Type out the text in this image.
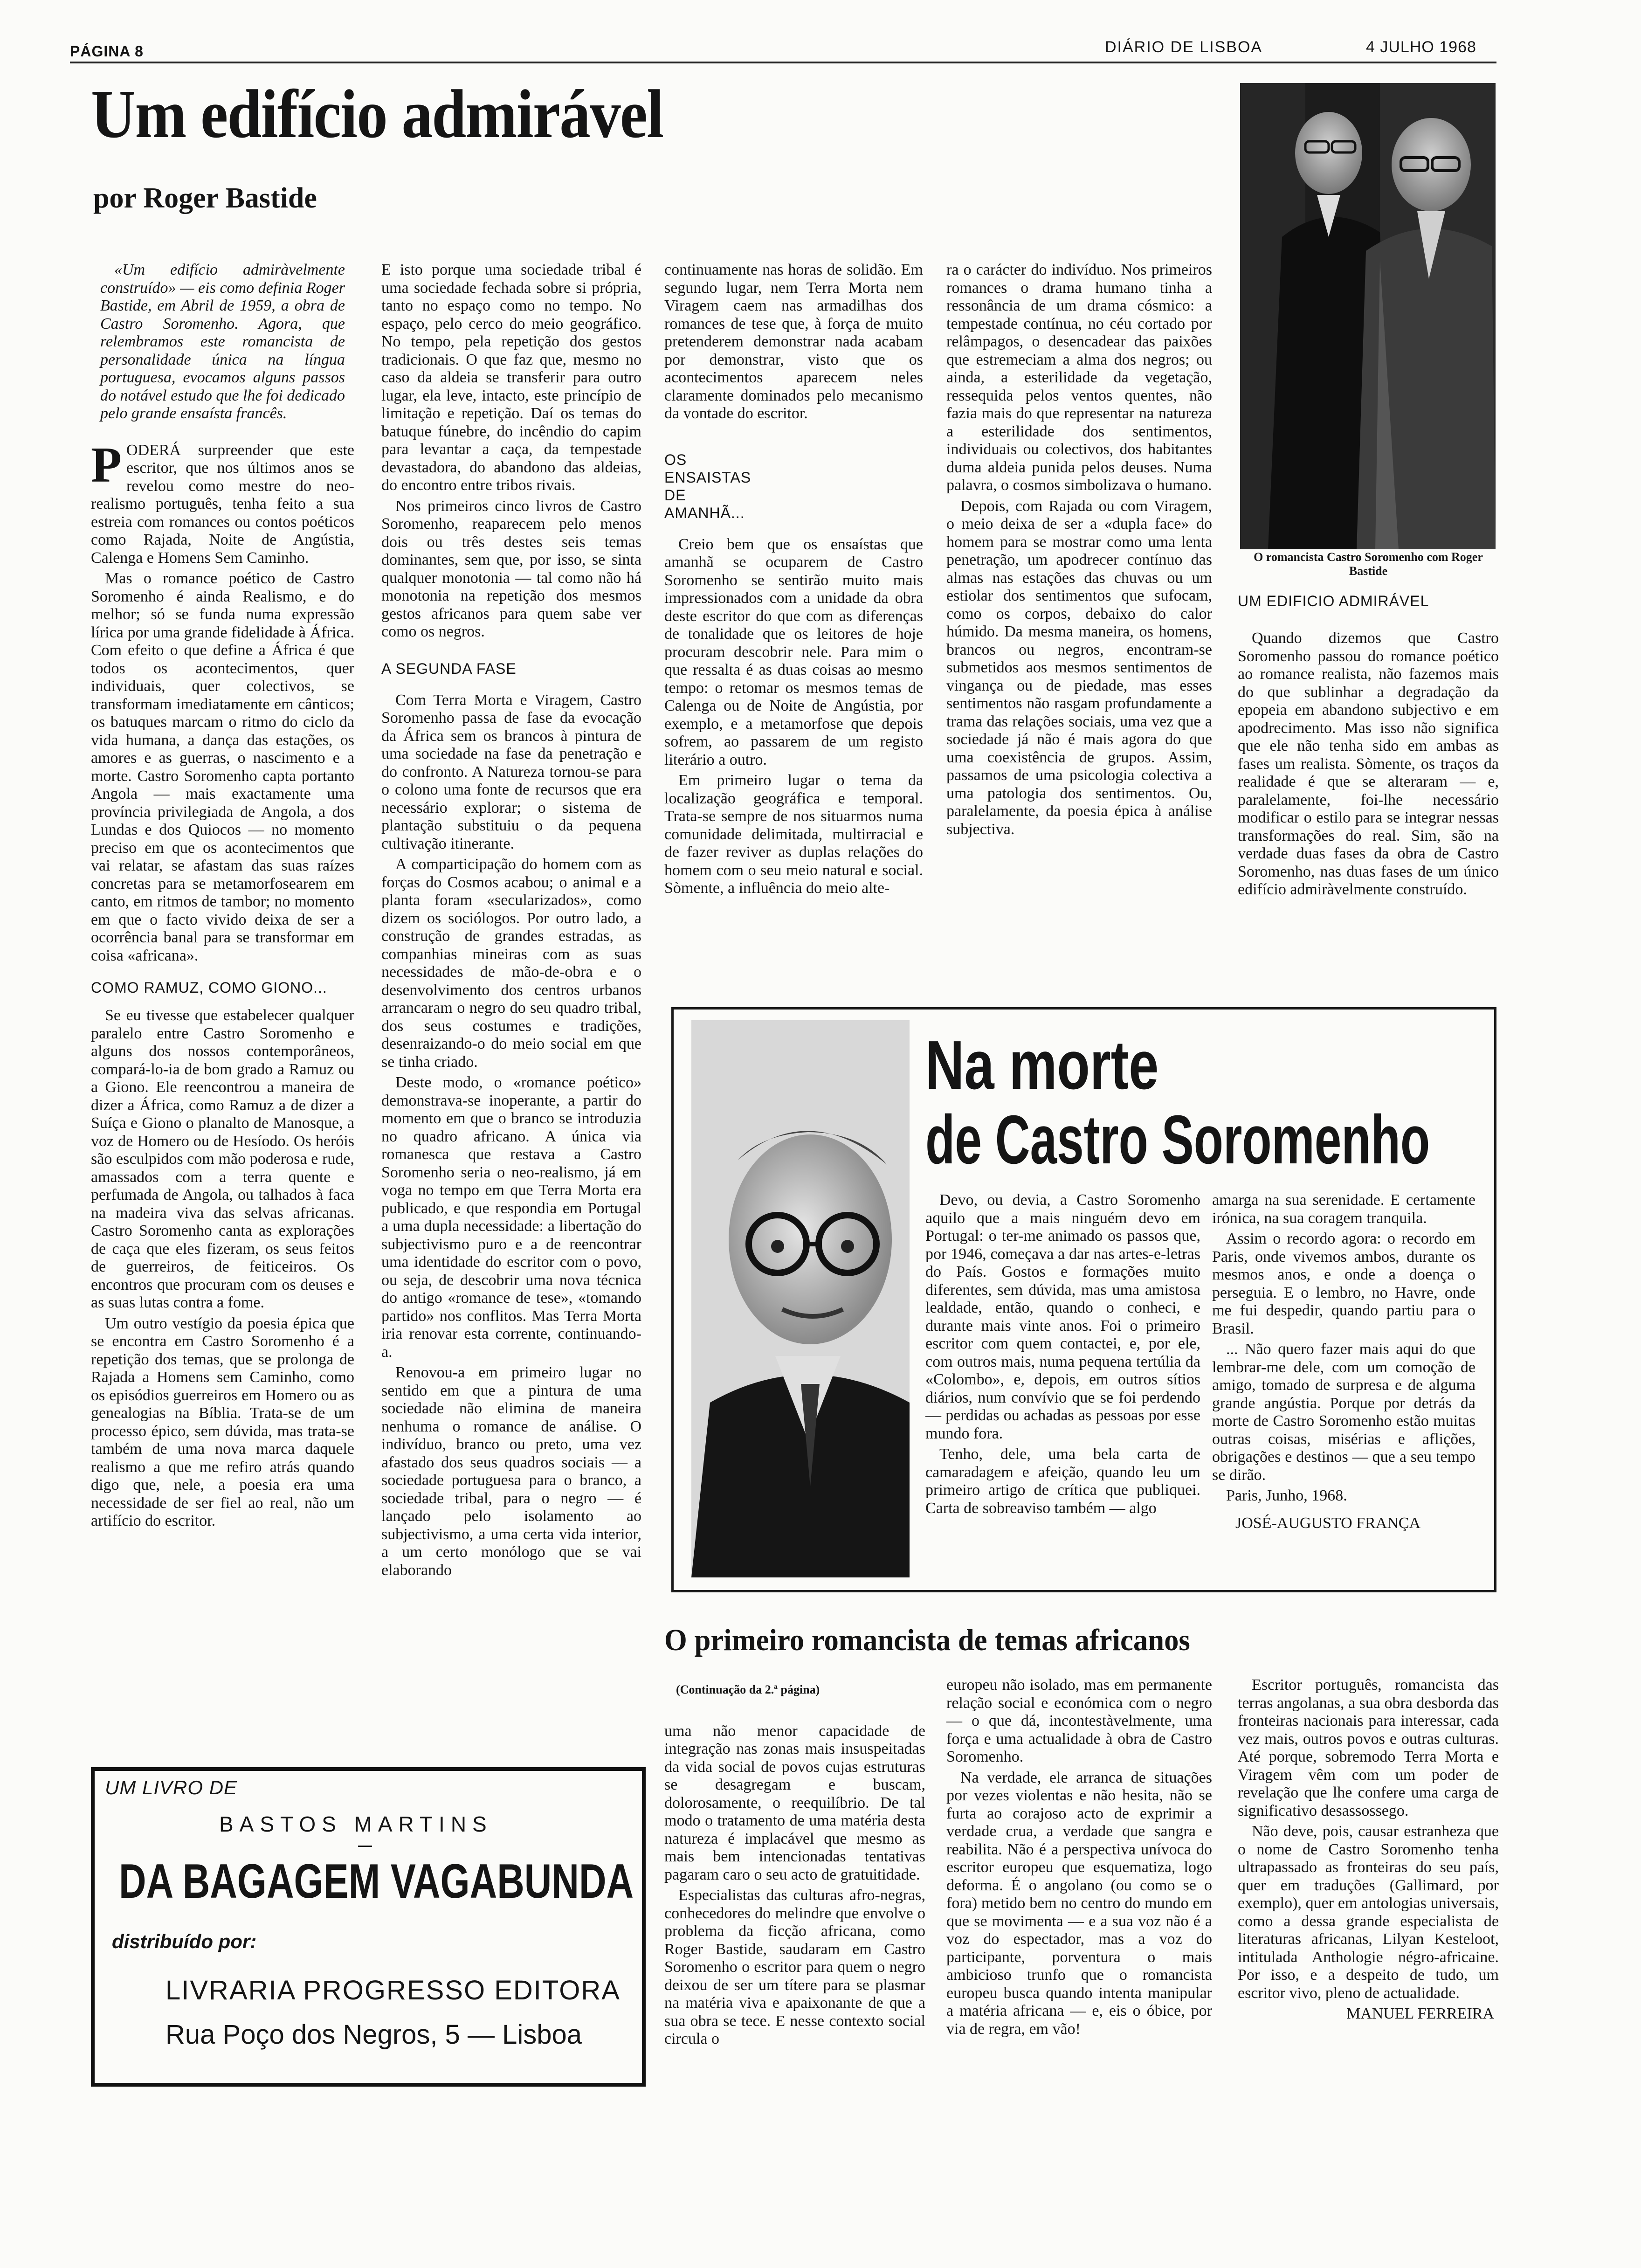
PÁGINA 8	DIÁRIO DE LISBOA	4 JULHO 1968
Um edifício admirável
por Roger Bastide

«Um edifício admiràvelmente construído» — eis como definia Roger Bastide, em Abril de 1959, a obra de Castro Soromenho. Agora, que relembramos este romancista de personalidade única na língua portuguesa, evocamos alguns passos do notável estudo que lhe foi dedicado pelo grande ensaísta francês.

PODERÁ surpreender que este escritor, que nos últimos anos se revelou como mestre do neo-realismo português, tenha feito a sua estreia com romances ou contos poéticos como Rajada, Noite de Angústia, Calenga e Homens Sem Caminho.

Mas o romance poético de Castro Soromenho é ainda Realismo, e do melhor; só se funda numa expressão lírica por uma grande fidelidade à África. Com efeito o que define a África é que todos os acontecimentos, quer individuais, quer colectivos, se transformam imediatamente em cânticos; os batuques marcam o ritmo do ciclo da vida humana, a dança das estações, os amores e as guerras, o nascimento e a morte. Castro Soromenho capta portanto Angola — mais exactamente uma província privilegiada de Angola, a dos Lundas e dos Quiocos — no momento preciso em que os acontecimentos que vai relatar, se afastam das suas raízes concretas para se metamorfosearem em canto, em ritmos de tambor; no momento em que o facto vivido deixa de ser a ocorrência banal para se transformar em coisa «africana».

COMO RAMUZ, COMO GIONO...

Se eu tivesse que estabelecer qualquer paralelo entre Castro Soromenho e alguns dos nossos contemporâneos, compará-lo-ia de bom grado a Ramuz ou a Giono. Ele reencontrou a maneira de dizer a África, como Ramuz a de dizer a Suíça e Giono o planalto de Manosque, a voz de Homero ou de Hesíodo. Os heróis são esculpidos com mão poderosa e rude, amassados com a terra quente e perfumada de Angola, ou talhados à faca na madeira viva das selvas africanas. Castro Soromenho canta as explorações de caça que eles fizeram, os seus feitos de guerreiros, de feiticeiros. Os encontros que procuram com os deuses e as suas lutas contra a fome.

Um outro vestígio da poesia épica que se encontra em Castro Soromenho é a repetição dos temas, que se prolonga de Rajada a Homens sem Caminho, como os episódios guerreiros em Homero ou as genealogias na Bíblia. Trata-se de um processo épico, sem dúvida, mas trata-se também de uma nova marca daquele realismo a que me refiro atrás quando digo que, nele, a poesia era uma necessidade de ser fiel ao real, não um artifício do escritor.

E isto porque uma sociedade tribal é uma sociedade fechada sobre si própria, tanto no espaço como no tempo. No espaço, pelo cerco do meio geográfico. No tempo, pela repetição dos gestos tradicionais. O que faz que, mesmo no caso da aldeia se transferir para outro lugar, ela leve, intacto, este princípio de limitação e repetição. Daí os temas do batuque fúnebre, do incêndio do capim para levantar a caça, da tempestade devastadora, do abandono das aldeias, do encontro entre tribos rivais.

Nos primeiros cinco livros de Castro Soromenho, reaparecem pelo menos dois ou três destes seis temas dominantes, sem que, por isso, se sinta qualquer monotonia — tal como não há monotonia na repetição dos mesmos gestos africanos para quem sabe ver como os negros.

A SEGUNDA FASE

Com Terra Morta e Viragem, Castro Soromenho passa de fase da evocação da África sem os brancos à pintura de uma sociedade na fase da penetração e do confronto. A Natureza tornou-se para o colono uma fonte de recursos que era necessário explorar; o sistema de plantação substituiu o da pequena cultivação itinerante.

A comparticipação do homem com as forças do Cosmos acabou; o animal e a planta foram «secularizados», como dizem os sociólogos. Por outro lado, a construção de grandes estradas, as companhias mineiras com as suas necessidades de mão-de-obra e o desenvolvimento dos centros urbanos arrancaram o negro do seu quadro tribal, dos seus costumes e tradições, desenraizando-o do meio social em que se tinha criado.

Deste modo, o «romance poético» demonstrava-se inoperante, a partir do momento em que o branco se introduzia no quadro africano. A única via romanesca que restava a Castro Soromenho seria o neo-realismo, já em voga no tempo em que Terra Morta era publicado, e que respondia em Portugal a uma dupla necessidade: a libertação do subjectivismo puro e a de reencontrar uma identidade do escritor com o povo, ou seja, de descobrir uma nova técnica do antigo «romance de tese», «tomando partido» nos conflitos. Mas Terra Morta iria renovar esta corrente, continuando-a.

Renovou-a em primeiro lugar no sentido em que a pintura de uma sociedade não elimina de maneira nenhuma o romance de análise. O indivíduo, branco ou preto, uma vez afastado dos seus quadros sociais — a sociedade portuguesa para o branco, a sociedade tribal, para o negro — é lançado pelo isolamento ao subjectivismo, a uma certa vida interior, a um certo monólogo que se vai elaborando

continuamente nas horas de solidão. Em segundo lugar, nem Terra Morta nem Viragem caem nas armadilhas dos romances de tese que, à força de muito pretenderem demonstrar nada acabam por demonstrar, visto que os acontecimentos aparecem neles claramente dominados pelo mecanismo da vontade do escritor.

OS ENSAISTAS DE AMANHÃ...

Creio bem que os ensaístas que amanhã se ocuparem de Castro Soromenho se sentirão muito mais impressionados com a unidade da obra deste escritor do que com as diferenças de tonalidade que os leitores de hoje procuram descobrir nele. Para mim o que ressalta é as duas coisas ao mesmo tempo: o retomar os mesmos temas de Calenga ou de Noite de Angústia, por exemplo, e a metamorfose que depois sofrem, ao passarem de um registo literário a outro.

Em primeiro lugar o tema da localização geográfica e temporal. Trata-se sempre de nos situarmos numa comunidade delimitada, multirracial e de fazer reviver as duplas relações do homem com o seu meio natural e social. Sòmente, a influência do meio alte-

ra o carácter do indivíduo. Nos primeiros romances o drama humano tinha a ressonância de um drama cósmico: a tempestade contínua, no céu cortado por relâmpagos, o desencadear das paixões que estremeciam a alma dos negros; ou ainda, a esterilidade da vegetação, ressequida pelos ventos quentes, não fazia mais do que representar na natureza a esterilidade dos sentimentos, individuais ou colectivos, dos habitantes duma aldeia punida pelos deuses. Numa palavra, o cosmos simbolizava o humano.

Depois, com Rajada ou com Viragem, o meio deixa de ser a «dupla face» do homem para se mostrar como uma lenta penetração, um apodrecer contínuo das almas nas estações das chuvas ou um estiolar dos sentimentos que sufocam, como os corpos, debaixo do calor húmido. Da mesma maneira, os homens, brancos ou negros, encontram-se submetidos aos mesmos sentimentos de vingança ou de piedade, mas esses sentimentos não rasgam profundamente a trama das relações sociais, uma vez que a sociedade já não é mais agora do que uma coexistência de grupos. Assim, passamos de uma psicologia colectiva a uma patologia dos sentimentos. Ou, paralelamente, da poesia épica à análise subjectiva.

O romancista Castro Soromenho com Roger Bastide
UM EDIFICIO ADMIRÁVEL

Quando dizemos que Castro Soromenho passou do romance poético ao romance realista, não fazemos mais do que sublinhar a degradação da epopeia em abandono subjectivo e em apodrecimento. Mas isso não significa que ele não tenha sido em ambas as fases um realista. Sòmente, os traços da realidade é que se alteraram — e, paralelamente, foi-lhe necessário modificar o estilo para se integrar nessas transformações do real. Sim, são na verdade duas fases da obra de Castro Soromenho, nas duas fases de um único edifício admiràvelmente construído.

Na morte
de Castro Soromenho

Devo, ou devia, a Castro Soromenho aquilo que a mais ninguém devo em Portugal: o ter-me animado os passos que, por 1946, começava a dar nas artes-e-letras do País. Gostos e formações muito diferentes, sem dúvida, mas uma amistosa lealdade, então, quando o conheci, e durante mais vinte anos. Foi o primeiro escritor com quem contactei, e, por ele, com outros mais, numa pequena tertúlia da «Colombo», e, depois, em outros sítios diários, num convívio que se foi perdendo — perdidas ou achadas as pessoas por esse mundo fora.

Tenho, dele, uma bela carta de camaradagem e afeição, quando leu um primeiro artigo de crítica que publiquei. Carta de sobreaviso também — algo

amarga na sua serenidade. E certamente irónica, na sua coragem tranquila.

Assim o recordo agora: o recordo em Paris, onde vivemos ambos, durante os mesmos anos, e onde a doença o perseguia. E o lembro, no Havre, onde me fui despedir, quando partiu para o Brasil.

... Não quero fazer mais aqui do que lembrar-me dele, com um comoção de amigo, tomado de surpresa e de alguma grande angústia. Porque por detrás da morte de Castro Soromenho estão muitas outras coisas, misérias e aflições, obrigações e destinos — que a seu tempo se dirão.

Paris, Junho, 1968.

JOSÉ-AUGUSTO FRANÇA

O primeiro romancista de temas africanos

(Continuação da 2.ª página)

uma não menor capacidade de integração nas zonas mais insuspeitadas da vida social de povos cujas estruturas se desagregam e buscam, dolorosamente, o reequilíbrio. De tal modo o tratamento de uma matéria desta natureza é implacável que mesmo as mais bem intencionadas tentativas pagaram caro o seu acto de gratuitidade.

Especialistas das culturas afro-negras, conhecedores do melindre que envolve o problema da ficção africana, como Roger Bastide, saudaram em Castro Soromenho o escritor para quem o negro deixou de ser um títere para se plasmar na matéria viva e apaixonante de que a sua obra se tece. E nesse contexto social circula o

europeu não isolado, mas em permanente relação social e económica com o negro — o que dá, incontestàvelmente, uma força e uma actualidade à obra de Castro Soromenho.

Na verdade, ele arranca de situações por vezes violentas e não hesita, não se furta ao corajoso acto de exprimir a verdade crua, a verdade que sangra e reabilita. Não é a perspectiva unívoca do escritor europeu que esquematiza, logo deforma. É o angolano (ou como se o fora) metido bem no centro do mundo em que se movimenta — e a sua voz não é a voz do espectador, mas a voz do participante, porventura o mais ambicioso trunfo que o romancista europeu busca quando intenta manipular a matéria africana — e, eis o óbice, por via de regra, em vão!

Escritor português, romancista das terras angolanas, a sua obra desborda das fronteiras nacionais para interessar, cada vez mais, outros povos e outras culturas. Até porque, sobremodo Terra Morta e Viragem vêm com um poder de revelação que lhe confere uma carga de significativo desassossego.

Não deve, pois, causar estranheza que o nome de Castro Soromenho tenha ultrapassado as fronteiras do seu país, quer em traduções (Gallimard, por exemplo), quer em antologias universais, como a dessa grande especialista de literaturas africanas, Lilyan Kesteloot, intitulada Anthologie négro-africaine. Por isso, e a despeito de tudo, um escritor vivo, pleno de actualidade.

MANUEL FERREIRA

UM LIVRO DE
BASTOS MARTINS
DA BAGAGEM VAGABUNDA
distribuído por:
LIVRARIA PROGRESSO EDITORA
Rua Poço dos Negros, 5 — Lisboa
